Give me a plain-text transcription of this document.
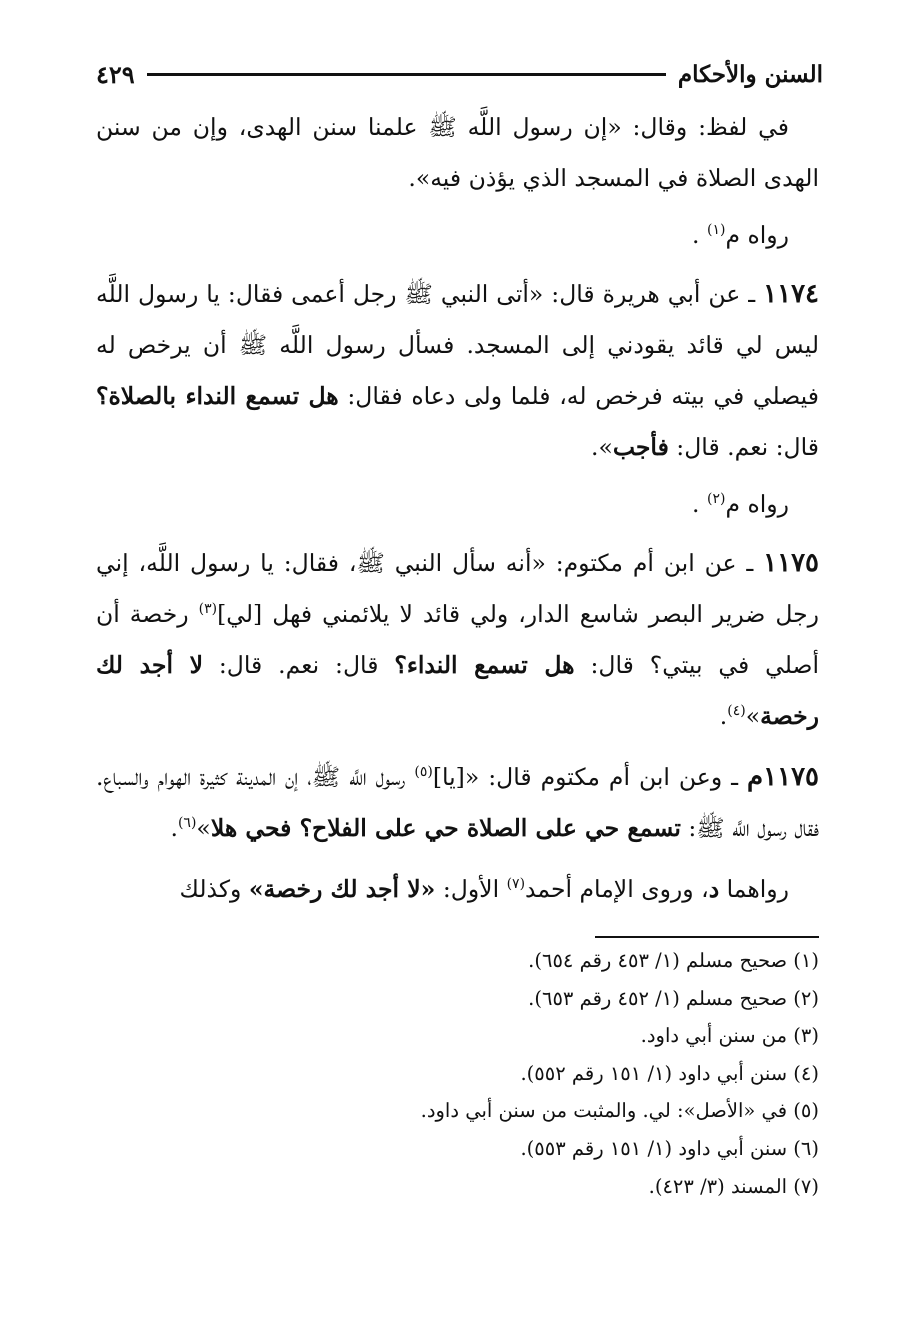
السنن والأحكام
٤٢٩

في لفظ: وقال: «إن رسول اللَّه ﷺ علمنا سنن الهدى، وإن من سنن الهدى الصلاة في المسجد الذي يؤذن فيه».

رواه م$^{(١)}$ .

١١٧٤ ـ عن أبي هريرة قال: «أتى النبي ﷺ رجل أعمى فقال: يا رسول اللَّه ليس لي قائد يقودني إلى المسجد. فسأل رسول اللَّه ﷺ أن يرخص له فيصلي في بيته فرخص له، فلما ولى دعاه فقال: هل تسمع النداء بالصلاة؟ قال: نعم. قال: فأجب».

رواه م$^{(٢)}$ .

١١٧٥ ـ عن ابن أم مكتوم: «أنه سأل النبي ﷺ، فقال: يا رسول اللَّه، إني رجل ضرير البصر شاسع الدار، ولي قائد لا يلائمني فهل [لي]$^{(٣)}$ رخصة أن أصلي في بيتي؟ قال: هل تسمع النداء؟ قال: نعم. قال: لا أجد لك رخصة»$^{(٤)}$.

١١٧٥م ـ وعن ابن أم مكتوم قال: «[يا]$^{(٥)}$ رسول اللَّه ﷺ، إن المدينة كثيرة الهوام والسباع. فقال رسول اللَّه ﷺ: تسمع حي على الصلاة حي على الفلاح؟ فحي هلا»$^{(٦)}$.

رواهما د، وروى الإمام أحمد$^{(٧)}$ الأول: «لا أجد لك رخصة» وكذلك

(١) صحيح مسلم (١/ ٤٥٣ رقم ٦٥٤).
(٢) صحيح مسلم (١/ ٤٥٢ رقم ٦٥٣).
(٣) من سنن أبي داود.
(٤) سنن أبي داود (١/ ١٥١ رقم ٥٥٢).
(٥) في «الأصل»: لي. والمثبت من سنن أبي داود.
(٦) سنن أبي داود (١/ ١٥١ رقم ٥٥٣).
(٧) المسند (٣/ ٤٢٣).
